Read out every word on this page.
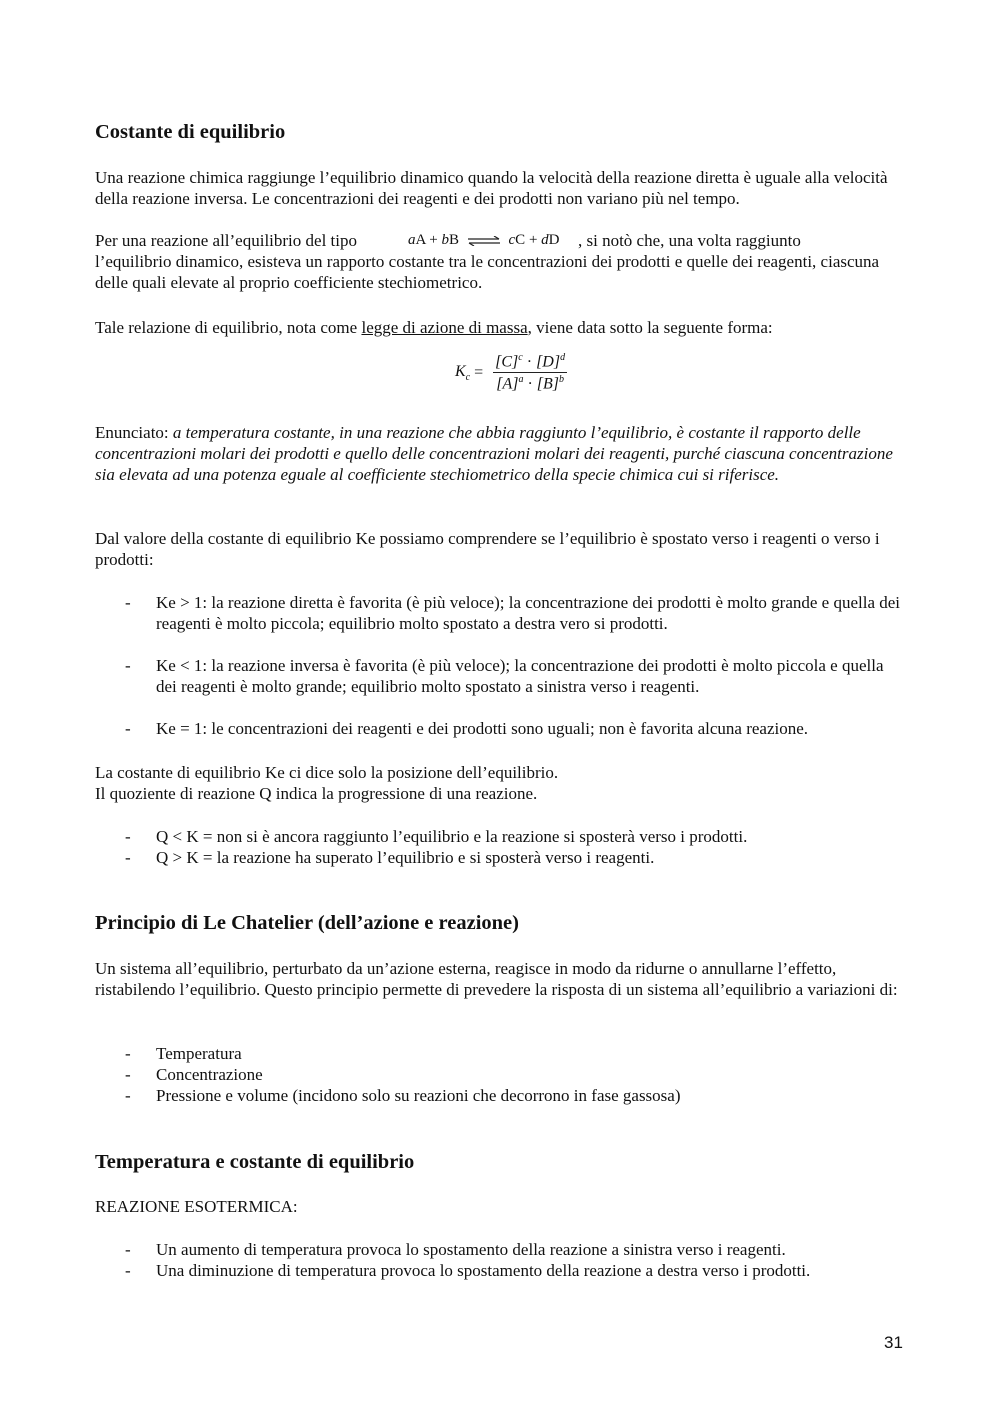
Costante di equilibrio

Una reazione chimica raggiunge l’equilibrio dinamico quando la velocità della reazione diretta è uguale alla velocità della reazione inversa. Le concentrazioni dei reagenti e dei prodotti non variano più nel tempo.

Per una reazione all’equilibrio del tipo	, si notò che, una volta raggiunto
l’equilibrio dinamico, esisteva un rapporto costante tra le concentrazioni dei prodotti e quelle dei reagenti, ciascuna delle quali elevate al proprio coefficiente stechiometrico.

aA + bB ⇌ cC + dD

Tale relazione di equilibrio, nota come legge di azione di massa, viene data sotto la seguente forma:

$K_c = \frac{[C]^c \cdot [D]^d}{[A]^a \cdot [B]^b}$

Enunciato: a temperatura costante, in una reazione che abbia raggiunto l’equilibrio, è costante il rapporto delle concentrazioni molari dei prodotti e quello delle concentrazioni molari dei reagenti, purché ciascuna concentrazione sia elevata ad una potenza eguale al coefficiente stechiometrico della specie chimica cui si riferisce.

Dal valore della costante di equilibrio Ke possiamo comprendere se l’equilibrio è spostato verso i reagenti o verso i prodotti:

- Ke > 1: la reazione diretta è favorita (è più veloce); la concentrazione dei prodotti è molto grande e quella dei reagenti è molto piccola; equilibrio molto spostato a destra vero si prodotti.
- Ke < 1: la reazione inversa è favorita (è più veloce); la concentrazione dei prodotti è molto piccola e quella dei reagenti è molto grande; equilibrio molto spostato a sinistra verso i reagenti.
- Ke = 1: le concentrazioni dei reagenti e dei prodotti sono uguali; non è favorita alcuna reazione.

La costante di equilibrio Ke ci dice solo la posizione dell’equilibrio.
Il quoziente di reazione Q indica la progressione di una reazione.

- Q < K = non si è ancora raggiunto l’equilibrio e la reazione si sposterà verso i prodotti.
- Q > K = la reazione ha superato l’equilibrio e si sposterà verso i reagenti.
Principio di Le Chatelier (dell’azione e reazione)

Un sistema all’equilibrio, perturbato da un’azione esterna, reagisce in modo da ridurne o annullarne l’effetto, ristabilendo l’equilibrio. Questo principio permette di prevedere la risposta di un sistema all’equilibrio a variazioni di:

- Temperatura
- Concentrazione
- Pressione e volume (incidono solo su reazioni che decorrono in fase gassosa)
Temperatura e costante di equilibrio

REAZIONE ESOTERMICA:

- Un aumento di temperatura provoca lo spostamento della reazione a sinistra verso i reagenti.
- Una diminuzione di temperatura provoca lo spostamento della reazione a destra verso i prodotti.
31
